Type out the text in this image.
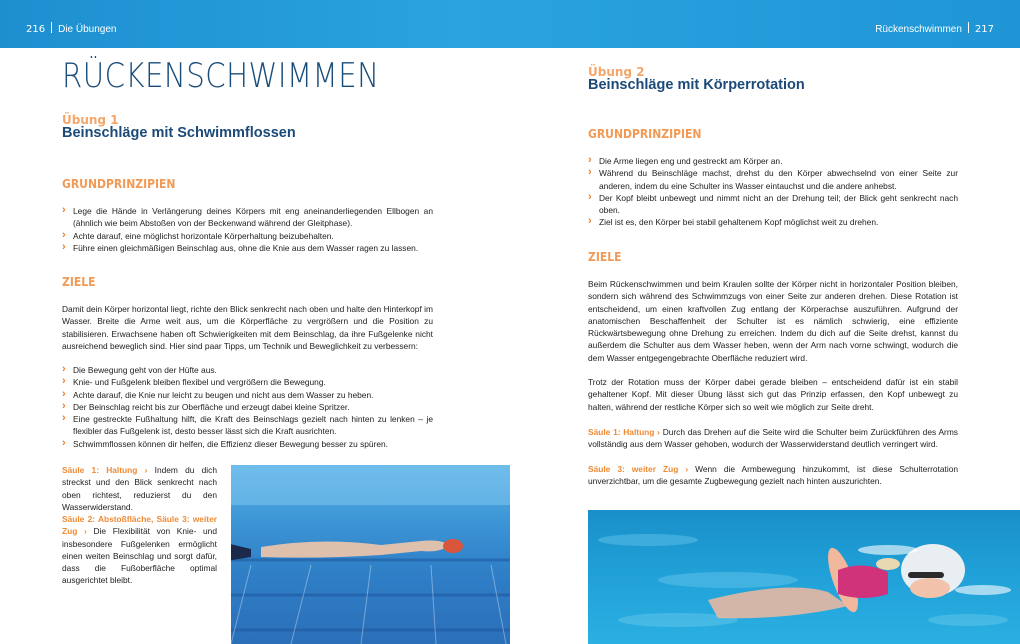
216 Die Übungen	Rückenschwimmen 217
RÜCKENSCHWIMMEN
Übung 1
Beinschläge mit Schwimmflossen
GRUNDPRINZIPIEN
› Lege die Hände in Verlängerung deines Körpers mit eng aneinanderliegenden Ellbogen an (ähnlich wie beim Abstoßen von der Beckenwand während der Gleitphase).
› Achte darauf, eine möglichst horizontale Körperhaltung beizubehalten.
› Führe einen gleichmäßigen Beinschlag aus, ohne die Knie aus dem Wasser ragen zu lassen.
ZIELE

Damit dein Körper horizontal liegt, richte den Blick senkrecht nach oben und halte den Hinterkopf im Wasser. Breite die Arme weit aus, um die Körperfläche zu vergrößern und die Position zu stabilisieren. Erwachsene haben oft Schwierigkeiten mit dem Beinschlag, da ihre Fußgelenke nicht ausreichend beweglich sind. Hier sind paar Tipps, um Technik und Beweglichkeit zu verbessern:

› Die Bewegung geht von der Hüfte aus.
› Knie- und Fußgelenk bleiben flexibel und vergrößern die Bewegung.
› Achte darauf, die Knie nur leicht zu beugen und nicht aus dem Wasser zu heben.
› Der Beinschlag reicht bis zur Oberfläche und erzeugt dabei kleine Spritzer.
› Eine gestreckte Fußhaltung hilft, die Kraft des Beinschlags gezielt nach hinten zu lenken – je flexibler das Fußgelenk ist, desto besser lässt sich die Kraft ausrichten.
› Schwimmflossen können dir helfen, die Effizienz dieser Bewegung besser zu spüren.

Säule 1: Haltung › Indem du dich streckst und den Blick senkrecht nach oben richtest, reduzierst du den Wasserwiderstand.

Säule 2: Abstoßfläche, Säule 3: weiter Zug › Die Flexibilität von Knie- und insbesondere Fußgelenken ermöglicht einen weiten Beinschlag und sorgt dafür, dass die Fußoberfläche optimal ausgerichtet bleibt.

Übung 2
Beinschläge mit Körperrotation
GRUNDPRINZIPIEN
› Die Arme liegen eng und gestreckt am Körper an.
› Während du Beinschläge machst, drehst du den Körper abwechselnd von einer Seite zur anderen, indem du eine Schulter ins Wasser eintauchst und die andere anhebst.
› Der Kopf bleibt unbewegt und nimmt nicht an der Drehung teil; der Blick geht senkrecht nach oben.
› Ziel ist es, den Körper bei stabil gehaltenem Kopf möglichst weit zu drehen.
ZIELE

Beim Rückenschwimmen und beim Kraulen sollte der Körper nicht in horizontaler Position bleiben, sondern sich während des Schwimmzugs von einer Seite zur anderen drehen. Diese Rotation ist entscheidend, um einen kraftvollen Zug entlang der Körperachse auszuführen. Aufgrund der anatomischen Beschaffenheit der Schulter ist es nämlich schwierig, eine effiziente Rückwärtsbewegung ohne Drehung zu erreichen. Indem du dich auf die Seite drehst, kannst du außerdem die Schulter aus dem Wasser heben, wenn der Arm nach vorne schwingt, wodurch die dem Wasser entgegengebrachte Oberfläche reduziert wird.

Trotz der Rotation muss der Körper dabei gerade bleiben – entscheidend dafür ist ein stabil gehaltener Kopf. Mit dieser Übung lässt sich gut das Prinzip erfassen, den Kopf unbewegt zu halten, während der restliche Körper sich so weit wie möglich zur Seite dreht.

Säule 1: Haltung › Durch das Drehen auf die Seite wird die Schulter beim Zurückführen des Arms vollständig aus dem Wasser gehoben, wodurch der Wasserwiderstand deutlich verringert wird.

Säule 3: weiter Zug › Wenn die Armbewegung hinzukommt, ist diese Schulterrotation unverzichtbar, um die gesamte Zugbewegung gezielt nach hinten auszurichten.
